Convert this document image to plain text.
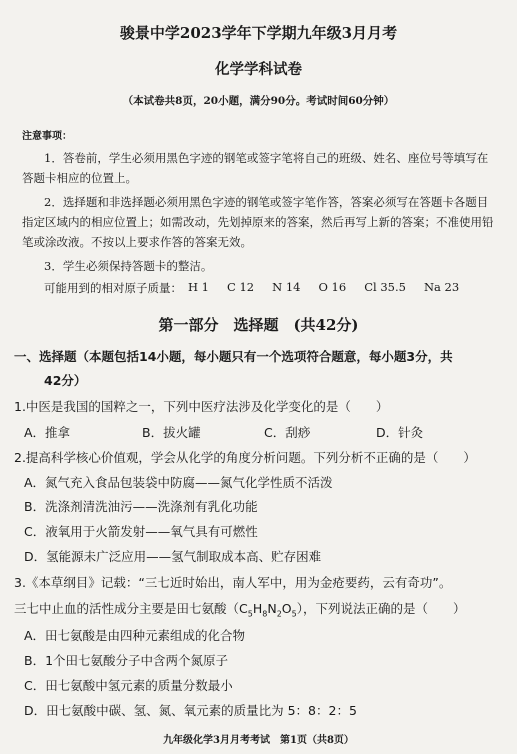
骏景中学2023学年下学期九年级3月月考
化学学科试卷
（本试卷共8页，20小题，满分90分。考试时间60分钟）
注意事项：
1．答卷前，学生必须用黑色字迹的钢笔或签字笔将自己的班级、姓名、座位号等填写在
答题卡相应的位置上。
2．选择题和非选择题必须用黑色字迹的钢笔或签字笔作答，答案必须写在答题卡各题目
指定区域内的相应位置上；如需改动，先划掉原来的答案，然后再写上新的答案；不准使用铅
笔或涂改液。不按以上要求作答的答案无效。
3．学生必须保持答题卡的整洁。
可能用到的相对原子质量： H 1 C 12 N 14 O 16 Cl 35.5 Na 23
第一部分　选择题　(共42分)
一、选择题（本题包括14小题，每小题只有一个选项符合题意，每小题3分，共
42分）
1.中医是我国的国粹之一，下列中医疗法涉及化学变化的是（　　）
A．推拿	B．拔火罐	C．刮痧	D．针灸
2.提高科学核心价值观，学会从化学的角度分析问题。下列分析不正确的是（　　）
A．氮气充入食品包装袋中防腐——氮气化学性质不活泼
B．洗涤剂清洗油污——洗涤剂有乳化功能
C．液氧用于火箭发射——氧气具有可燃性
D．氢能源未广泛应用——氢气制取成本高、贮存困难
3.《本草纲目》记载：“三七近时始出，南人军中，用为金疮要药，云有奇功”。
三七中止血的活性成分主要是田七氨酸$(C_5H_8N_2O_5)$，下列说法正确的是（　　）
A．田七氨酸是由四种元素组成的化合物
B．1个田七氨酸分子中含两个氮原子
C．田七氨酸中氢元素的质量分数最小
D．田七氨酸中碳、氢、氮、氧元素的质量比为 5：8：2：5
九年级化学3月月考考试　第1页（共8页）
